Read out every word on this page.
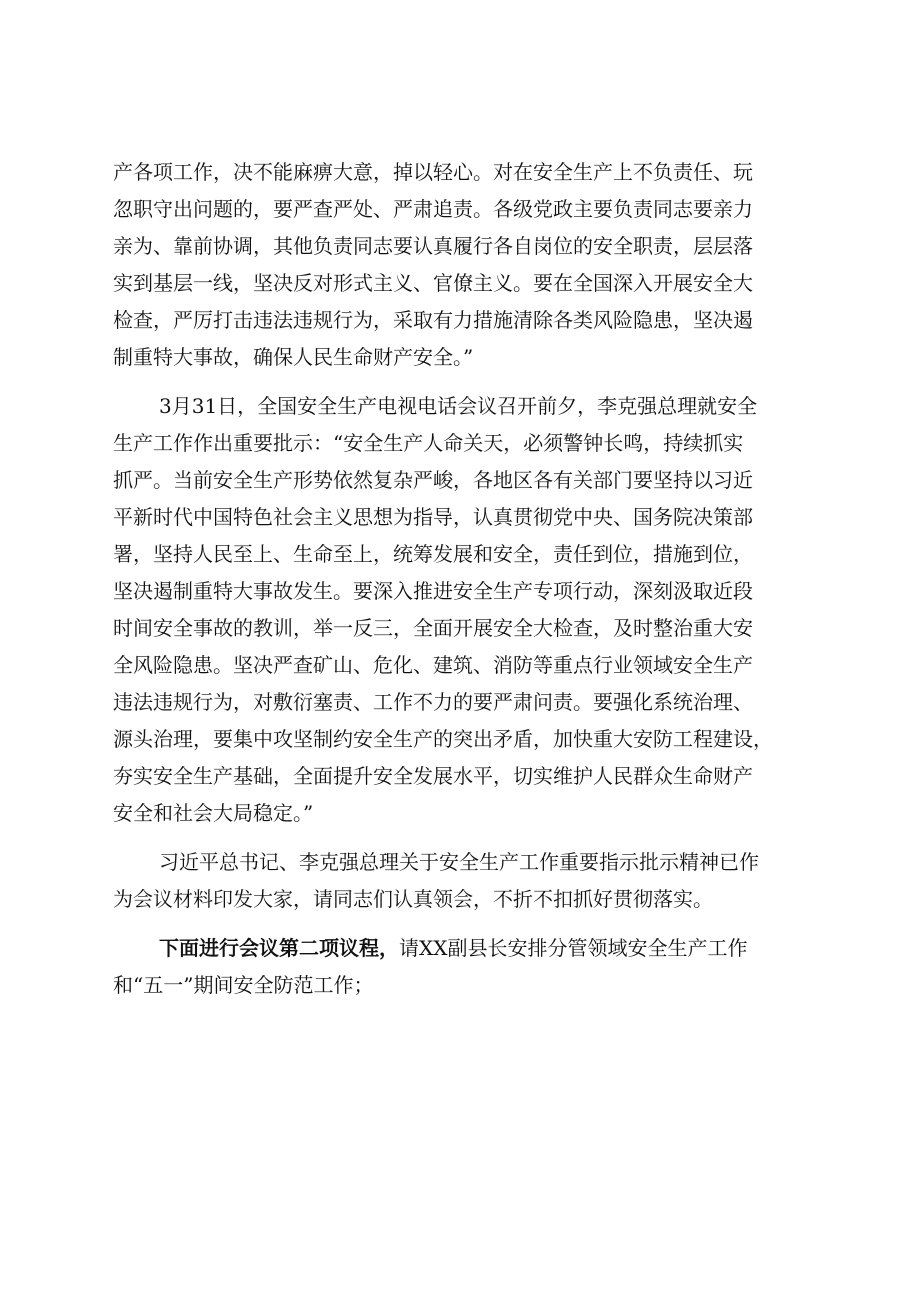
产各项工作，决不能麻痹大意，掉以轻心。对在安全生产上不负责任、玩
忽职守出问题的，要严查严处、严肃追责。各级党政主要负责同志要亲力
亲为、靠前协调，其他负责同志要认真履行各自岗位的安全职责，层层落
实到基层一线，坚决反对形式主义、官僚主义。要在全国深入开展安全大
检查，严厉打击违法违规行为，采取有力措施清除各类风险隐患，坚决遏
制重特大事故，确保人民生命财产安全。”
3月31日，全国安全生产电视电话会议召开前夕，李克强总理就安全
生产工作作出重要批示：“安全生产人命关天，必须警钟长鸣，持续抓实
抓严。当前安全生产形势依然复杂严峻，各地区各有关部门要坚持以习近
平新时代中国特色社会主义思想为指导，认真贯彻党中央、国务院决策部
署，坚持人民至上、生命至上，统筹发展和安全，责任到位，措施到位，
坚决遏制重特大事故发生。要深入推进安全生产专项行动，深刻汲取近段
时间安全事故的教训，举一反三，全面开展安全大检查，及时整治重大安
全风险隐患。坚决严查矿山、危化、建筑、消防等重点行业领域安全生产
违法违规行为，对敷衍塞责、工作不力的要严肃问责。要强化系统治理、
源头治理，要集中攻坚制约安全生产的突出矛盾，加快重大安防工程建设，
夯实安全生产基础，全面提升安全发展水平，切实维护人民群众生命财产
安全和社会大局稳定。”
习近平总书记、李克强总理关于安全生产工作重要指示批示精神已作
为会议材料印发大家，请同志们认真领会，不折不扣抓好贯彻落实。
下面进行会议第二项议程，请XX副县长安排分管领域安全生产工作
和“五一”期间安全防范工作；
